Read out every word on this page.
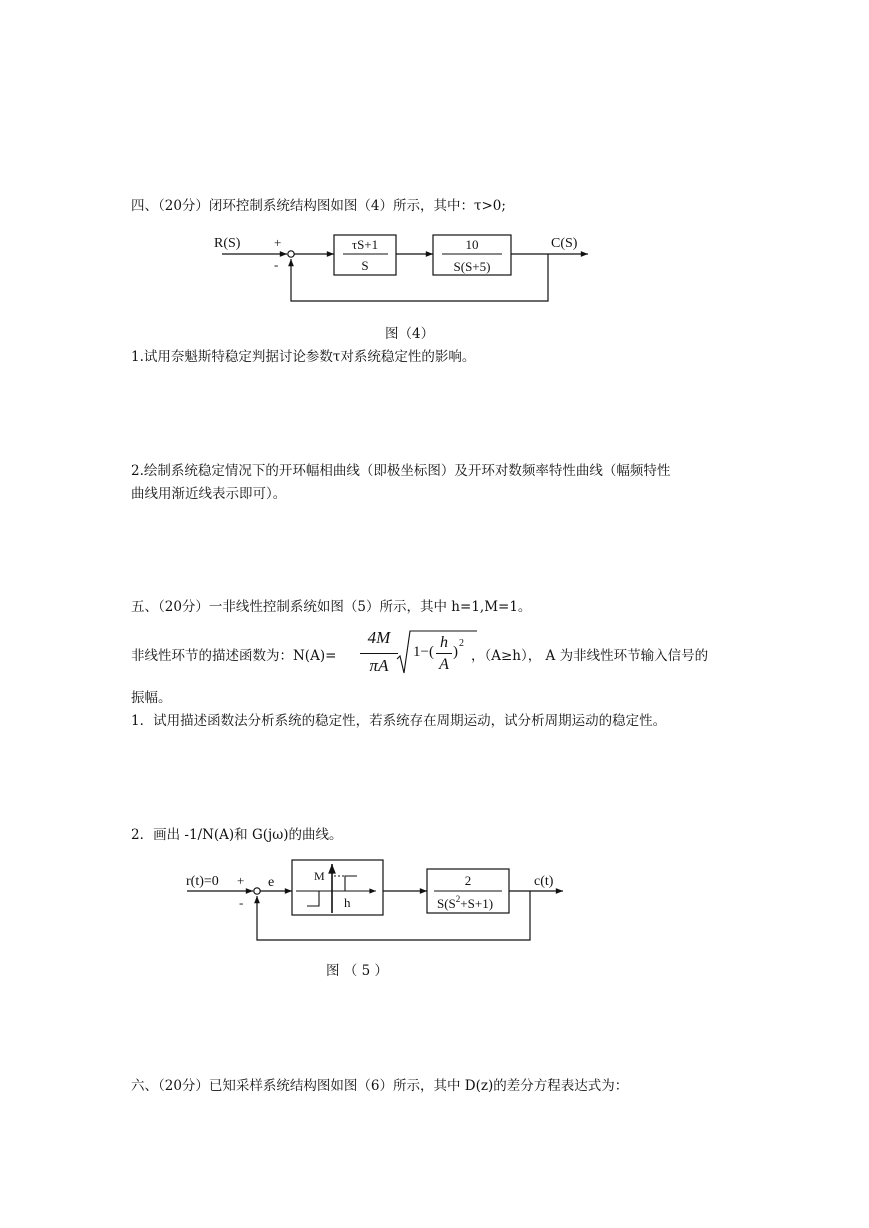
四、（20分）闭环控制系统结构图如图（4）所示，其中：τ>0;

R(S)	+
-
τS+1
S
10
S(S+5)
C(S)

图（4）

1.试用奈魁斯特稳定判据讨论参数τ对系统稳定性的影响。

2.绘制系统稳定情况下的开环幅相曲线（即极坐标图）及开环对数频率特性曲线（幅频特性

曲线用渐近线表示即可）。

五、（20分）一非线性控制系统如图（5）所示，其中 h=1,M=1。

非线性环节的描述函数为：N(A)=
4M
πA
1−(
h
A
)
2
，（A≥h）， A 为非线性环节输入信号的

振幅。

1．试用描述函数法分析系统的稳定性，若系统存在周期运动，试分析周期运动的稳定性。

2．画出 -1/N(A)和 G(jω)的曲线。

r(t)=0 +
-
e	M
h
2
$S(S^2+S+1)$
c(t)

图 （ 5 ）

六、（20分）已知采样系统结构图如图（6）所示，其中 D(z)的差分方程表达式为：
